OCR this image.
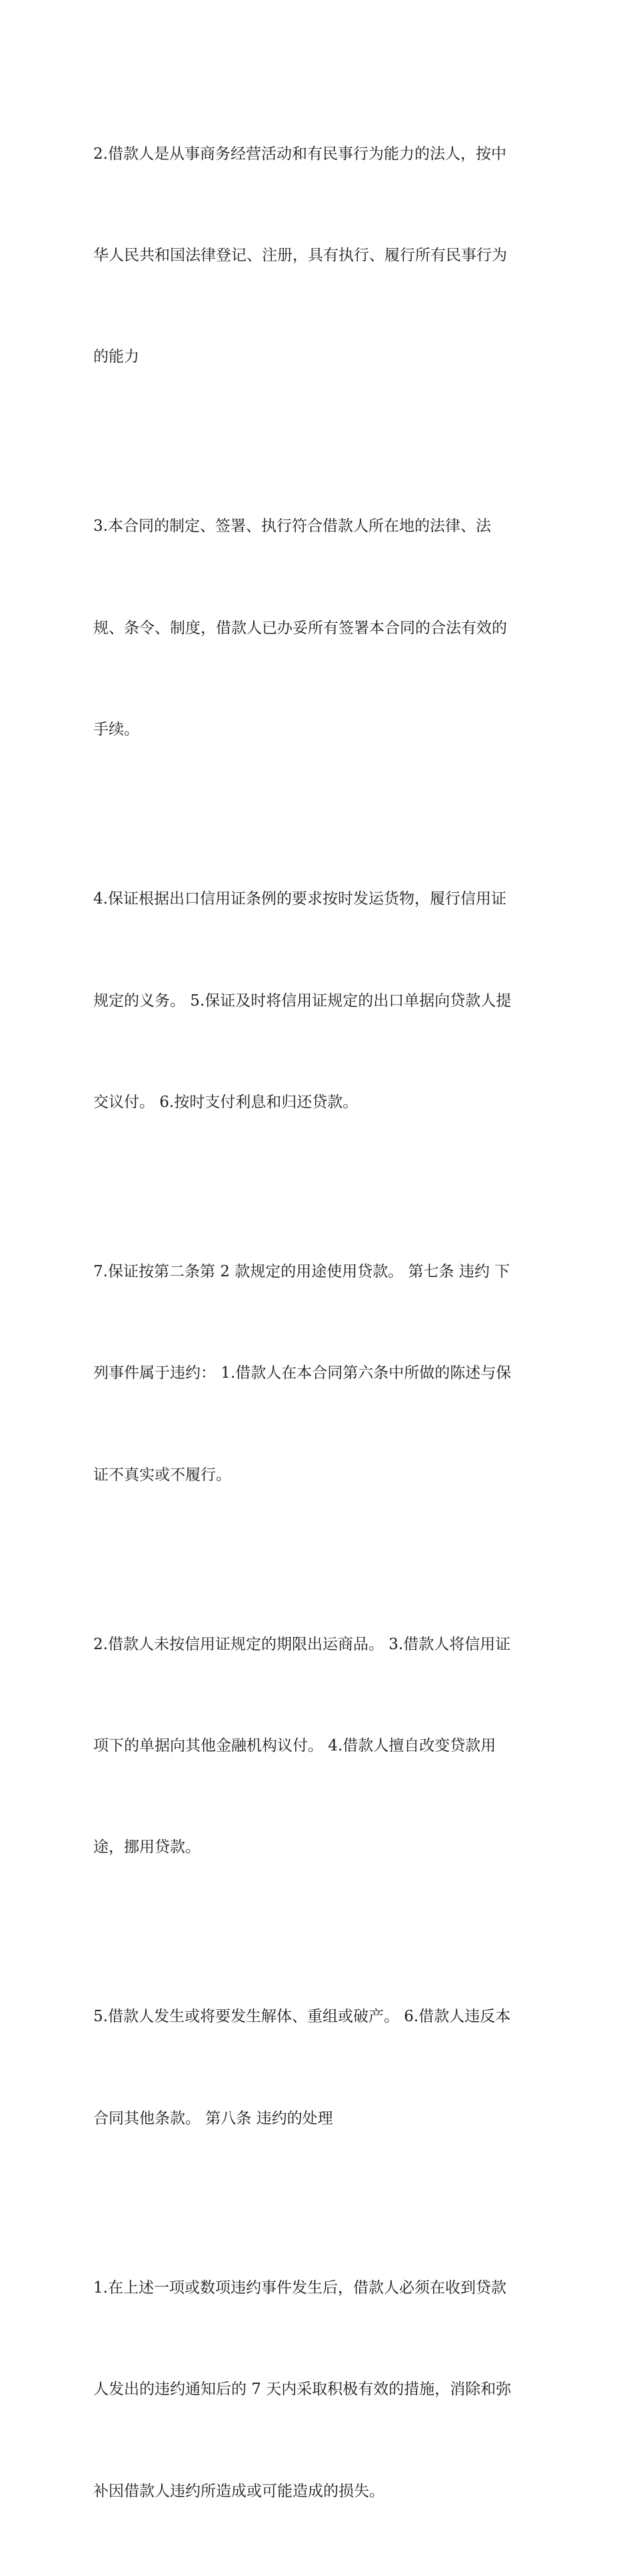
2.借款人是从事商务经营活动和有民事行为能力的法人，按中

华人民共和国法律登记、注册，具有执行、履行所有民事行为

的能力

3.本合同的制定、签署、执行符合借款人所在地的法律、法

规、条令、制度，借款人已办妥所有签署本合同的合法有效的

手续。

4.保证根据出口信用证条例的要求按时发运货物，履行信用证

规定的义务。 5.保证及时将信用证规定的出口单据向贷款人提

交议付。 6.按时支付利息和归还贷款。

7.保证按第二条第 2 款规定的用途使用贷款。 第七条 违约 下

列事件属于违约： 1.借款人在本合同第六条中所做的陈述与保

证不真实或不履行。

2.借款人未按信用证规定的期限出运商品。 3.借款人将信用证

项下的单据向其他金融机构议付。 4.借款人擅自改变贷款用

途，挪用贷款。

5.借款人发生或将要发生解体、重组或破产。 6.借款人违反本

合同其他条款。 第八条 违约的处理

1.在上述一项或数项违约事件发生后，借款人必须在收到贷款

人发出的违约通知后的 7 天内采取积极有效的措施，消除和弥

补因借款人违约所造成或可能造成的损失。
